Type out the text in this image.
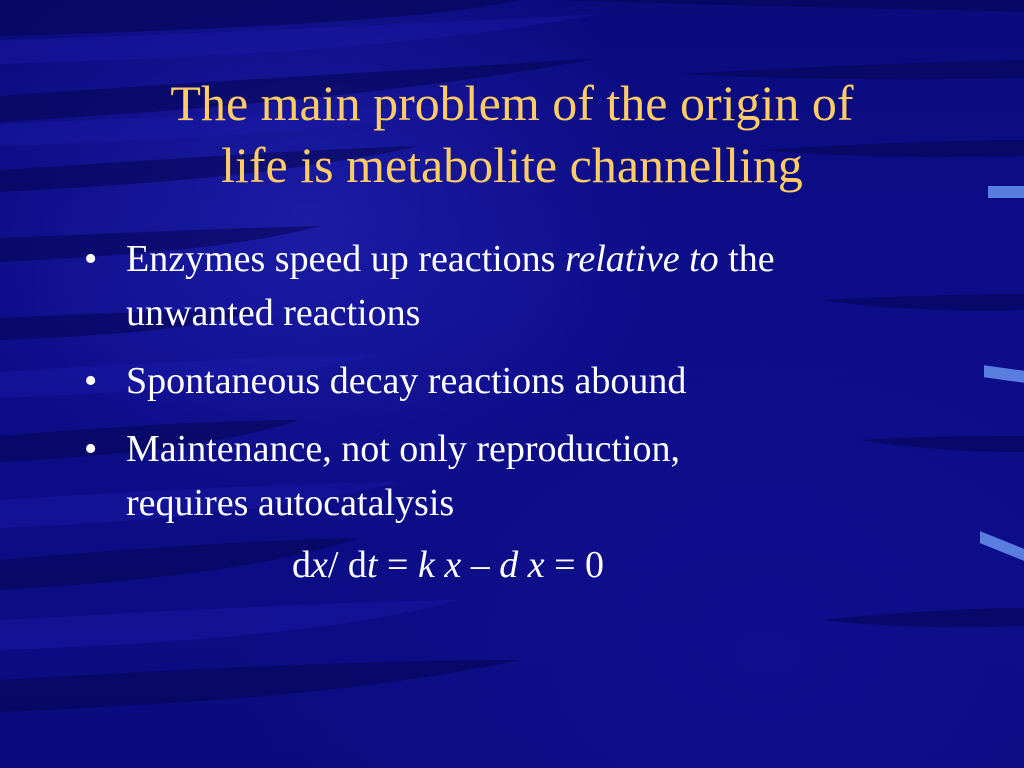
The main problem of the origin of
life is metabolite channelling
• Enzymes speed up reactions relative to the
unwanted reactions
• Spontaneous decay reactions abound
• Maintenance, not only reproduction,
requires autocatalysis
dx/ dt = k x – d x = 0
